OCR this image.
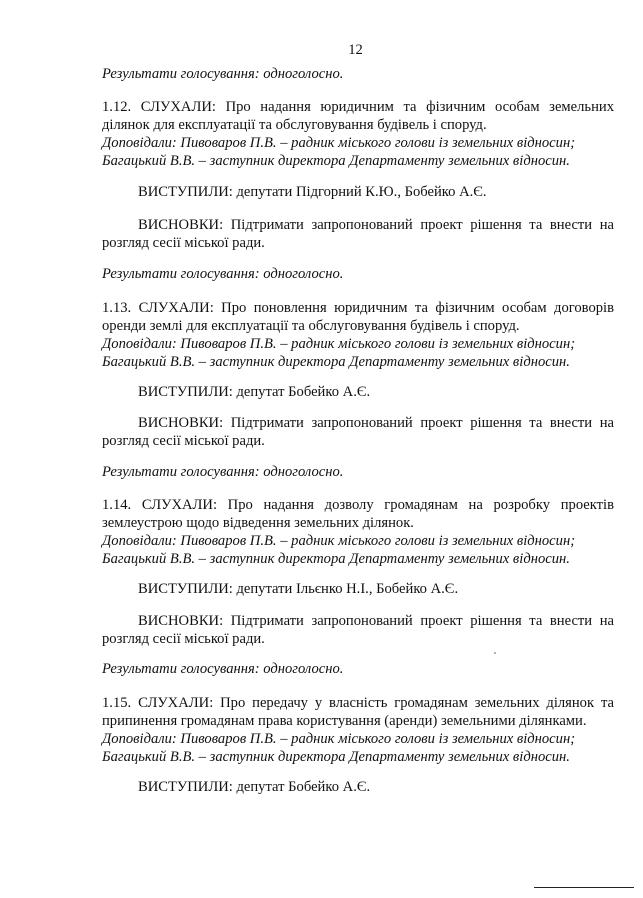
12
Результати голосування: одноголосно.
1.12. СЛУХАЛИ: Про надання юридичним та фізичним особам земельних
ділянок для експлуатації та обслуговування будівель і споруд.
Доповідали: Пивоваров П.В. – радник міського голови із земельних відносин;
Багацький В.В. – заступник директора Департаменту земельних відносин.
ВИСТУПИЛИ: депутати Підгорний К.Ю., Бобейко А.Є.
ВИСНОВКИ: Підтримати запропонований проект рішення та внести на
розгляд сесії міської ради.
Результати голосування: одноголосно.
1.13. СЛУХАЛИ: Про поновлення юридичним та фізичним особам договорів
оренди землі для експлуатації та обслуговування будівель і споруд.
Доповідали: Пивоваров П.В. – радник міського голови із земельних відносин;
Багацький В.В. – заступник директора Департаменту земельних відносин.
ВИСТУПИЛИ: депутат Бобейко А.Є.
ВИСНОВКИ: Підтримати запропонований проект рішення та внести на
розгляд сесії міської ради.
Результати голосування: одноголосно.
1.14. СЛУХАЛИ: Про надання дозволу громадянам на розробку проектів
землеустрою щодо відведення земельних ділянок.
Доповідали: Пивоваров П.В. – радник міського голови із земельних відносин;
Багацький В.В. – заступник директора Департаменту земельних відносин.
ВИСТУПИЛИ: депутати Ільєнко Н.І., Бобейко А.Є.
ВИСНОВКИ: Підтримати запропонований проект рішення та внести на
розгляд сесії міської ради.
Результати голосування: одноголосно.
1.15. СЛУХАЛИ: Про передачу у власність громадянам земельних ділянок та
припинення громадянам права користування (аренди) земельними ділянками.
Доповідали: Пивоваров П.В. – радник міського голови із земельних відносин;
Багацький В.В. – заступник директора Департаменту земельних відносин.
ВИСТУПИЛИ: депутат Бобейко А.Є.
